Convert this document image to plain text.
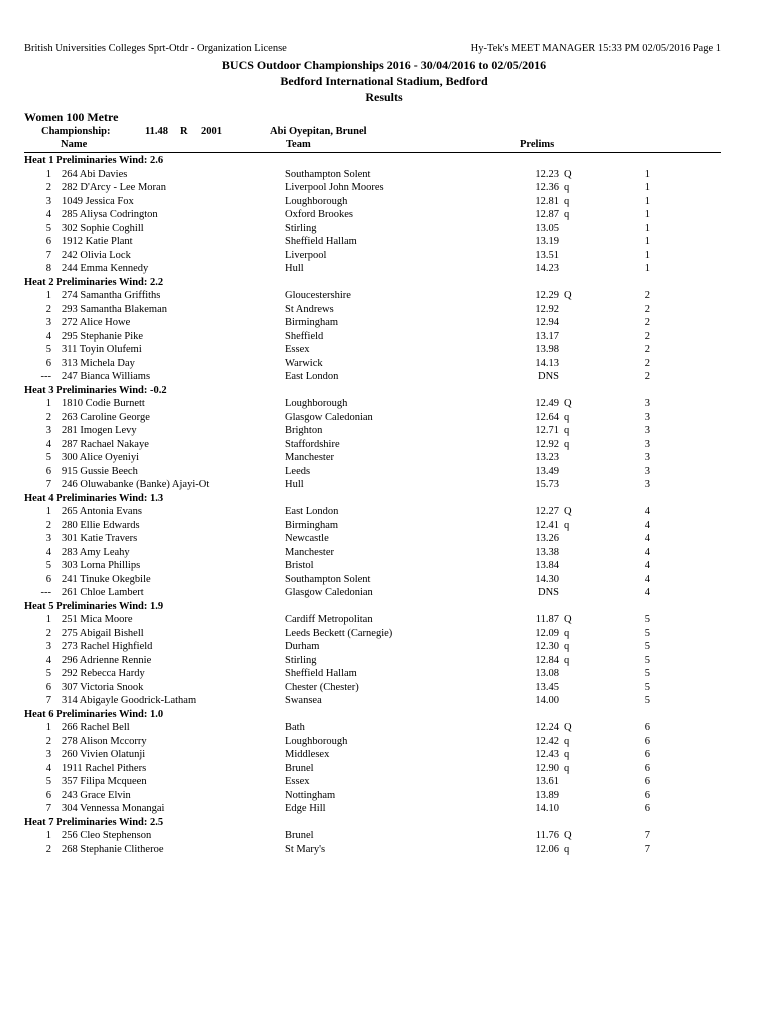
British Universities Colleges Sprt-Otdr - Organization License	Hy-Tek's MEET MANAGER 15:33 PM 02/05/2016 Page 1
BUCS Outdoor Championships 2016 - 30/04/2016 to 02/05/2016
Bedford International Stadium, Bedford
Results
Women 100 Metre
Championship:	11.48 R 2001	Abi Oyepitan, Brunel
Name	Team	Prelims
Heat 1 Preliminaries Wind: 2.6
1 264 Abi Davies	Southampton Solent	12.23 Q	1
2 282 D'Arcy - Lee Moran	Liverpool John Moores	12.36 q	1
3 1049 Jessica Fox	Loughborough	12.81 q	1
4 285 Aliysa Codrington	Oxford Brookes	12.87 q	1
5 302 Sophie Coghill	Stirling	13.05	1
6 1912 Katie Plant	Sheffield Hallam	13.19	1
7 242 Olivia Lock	Liverpool	13.51	1
8 244 Emma Kennedy	Hull	14.23	1
Heat 2 Preliminaries Wind: 2.2
1 274 Samantha Griffiths	Gloucestershire	12.29 Q	2
2 293 Samantha Blakeman	St Andrews	12.92	2
3 272 Alice Howe	Birmingham	12.94	2
4 295 Stephanie Pike	Sheffield	13.17	2
5 311 Toyin Olufemi	Essex	13.98	2
6 313 Michela Day	Warwick	14.13	2
--- 247 Bianca Williams	East London	DNS	2
Heat 3 Preliminaries Wind: -0.2
1 1810 Codie Burnett	Loughborough	12.49 Q	3
2 263 Caroline George	Glasgow Caledonian	12.64 q	3
3 281 Imogen Levy	Brighton	12.71 q	3
4 287 Rachael Nakaye	Staffordshire	12.92 q	3
5 300 Alice Oyeniyi	Manchester	13.23	3
6 915 Gussie Beech	Leeds	13.49	3
7 246 Oluwabanke (Banke) Ajayi-Ot	Hull	15.73	3
Heat 4 Preliminaries Wind: 1.3
1 265 Antonia Evans	East London	12.27 Q	4
2 280 Ellie Edwards	Birmingham	12.41 q	4
3 301 Katie Travers	Newcastle	13.26	4
4 283 Amy Leahy	Manchester	13.38	4
5 303 Lorna Phillips	Bristol	13.84	4
6 241 Tinuke Okegbile	Southampton Solent	14.30	4
--- 261 Chloe Lambert	Glasgow Caledonian	DNS	4
Heat 5 Preliminaries Wind: 1.9
1 251 Mica Moore	Cardiff Metropolitan	11.87 Q	5
2 275 Abigail Bishell	Leeds Beckett (Carnegie)	12.09 q	5
3 273 Rachel Highfield	Durham	12.30 q	5
4 296 Adrienne Rennie	Stirling	12.84 q	5
5 292 Rebecca Hardy	Sheffield Hallam	13.08	5
6 307 Victoria Snook	Chester (Chester)	13.45	5
7 314 Abigayle Goodrick-Latham	Swansea	14.00	5
Heat 6 Preliminaries Wind: 1.0
1 266 Rachel Bell	Bath	12.24 Q	6
2 278 Alison Mccorry	Loughborough	12.42 q	6
3 260 Vivien Olatunji	Middlesex	12.43 q	6
4 1911 Rachel Pithers	Brunel	12.90 q	6
5 357 Filipa Mcqueen	Essex	13.61	6
6 243 Grace Elvin	Nottingham	13.89	6
7 304 Vennessa Monangai	Edge Hill	14.10	6
Heat 7 Preliminaries Wind: 2.5
1 256 Cleo Stephenson	Brunel	11.76 Q	7
2 268 Stephanie Clitheroe	St Mary's	12.06 q	7
